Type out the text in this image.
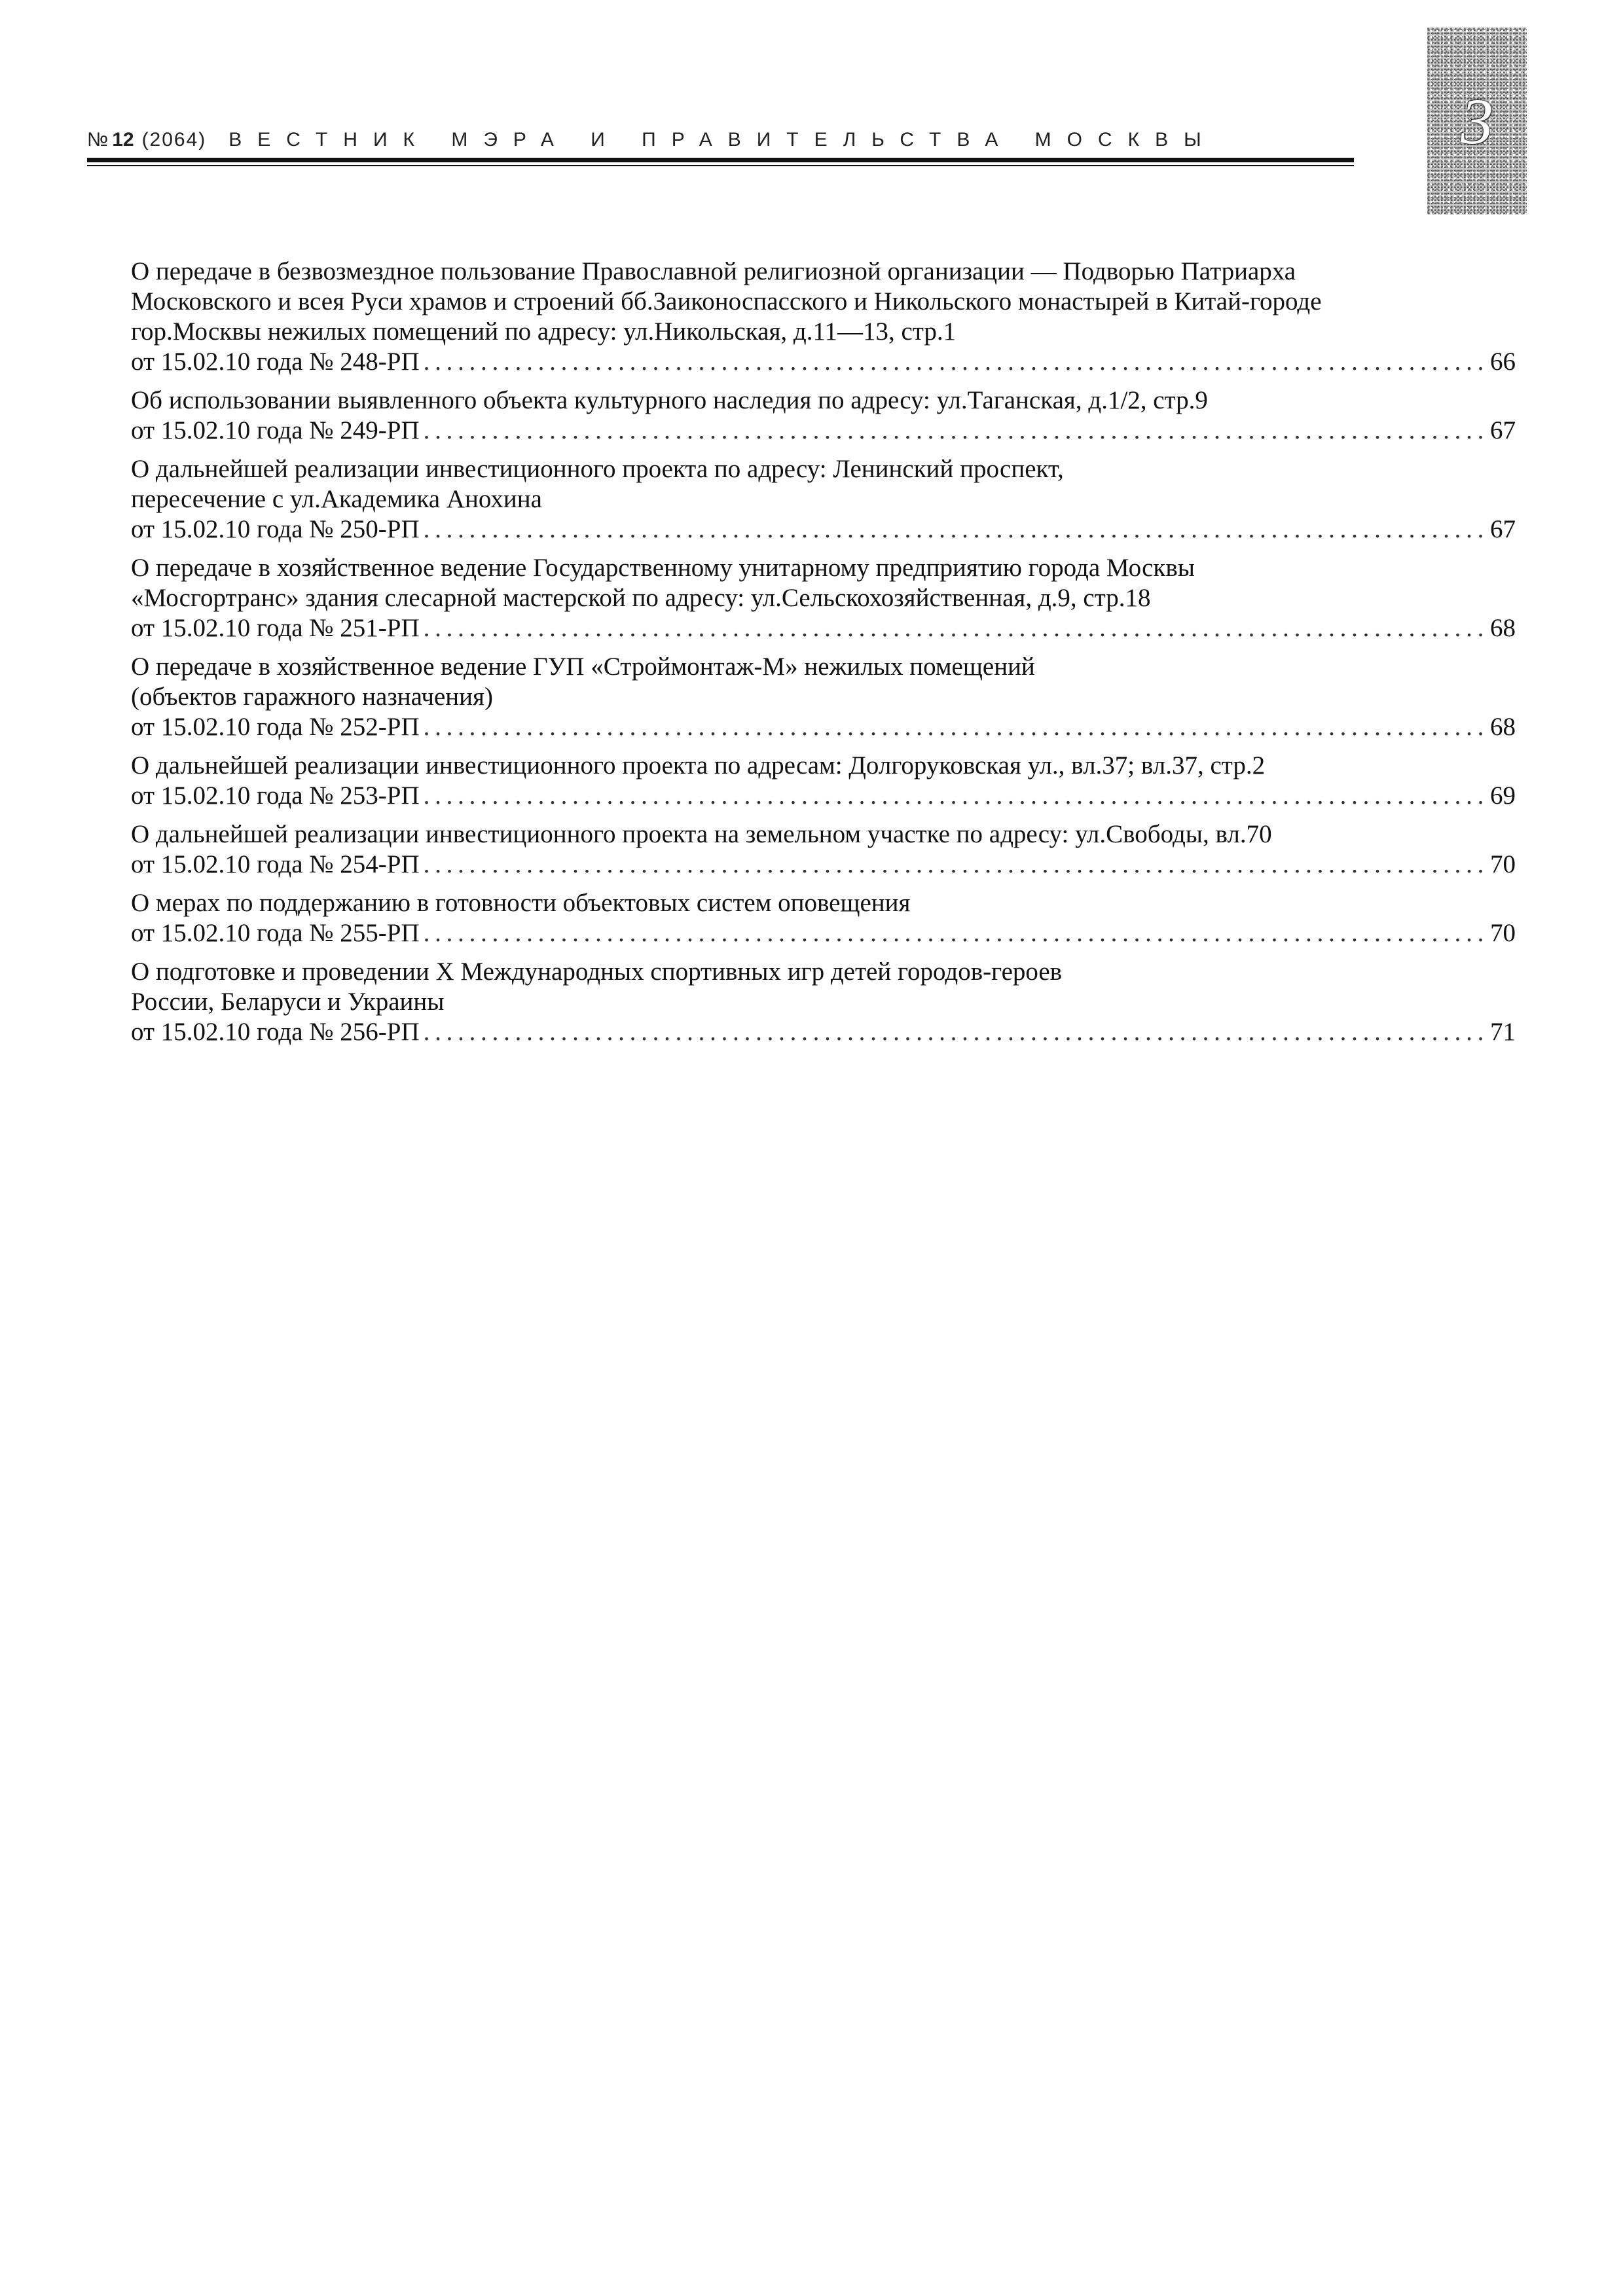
№ 12 (2064) ВЕСТНИК МЭРА И ПРАВИТЕЛЬСТВА МОСКВЫ	3
О передаче в безвозмездное пользование Православной религиозной организации — Подворью Патриарха
Московского и всея Руси храмов и строений бб.Заиконоспасского и Никольского монастырей в Китай-городе
гор.Москвы нежилых помещений по адресу: ул.Никольская, д.11—13, стр.1
от 15.02.10 года № 248-РП . . .	66
Об использовании выявленного объекта культурного наследия по адресу: ул.Таганская, д.1/2, стр.9
от 15.02.10 года № 249-РП . . .	67
О дальнейшей реализации инвестиционного проекта по адресу: Ленинский проспект,
пересечение с ул.Академика Анохина
от 15.02.10 года № 250-РП . . .	67
О передаче в хозяйственное ведение Государственному унитарному предприятию города Москвы
«Мосгортранс» здания слесарной мастерской по адресу: ул.Сельскохозяйственная, д.9, стр.18
от 15.02.10 года № 251-РП . . .	68
О передаче в хозяйственное ведение ГУП «Строймонтаж-М» нежилых помещений
(объектов гаражного назначения)
от 15.02.10 года № 252-РП . . .	68
О дальнейшей реализации инвестиционного проекта по адресам: Долгоруковская ул., вл.37; вл.37, стр.2
от 15.02.10 года № 253-РП . . .	69
О дальнейшей реализации инвестиционного проекта на земельном участке по адресу: ул.Свободы, вл.70
от 15.02.10 года № 254-РП . . .	70
О мерах по поддержанию в готовности объектовых систем оповещения
от 15.02.10 года № 255-РП . . .	70
О подготовке и проведении X Международных спортивных игр детей городов-героев
России, Беларуси и Украины
от 15.02.10 года № 256-РП . . .	71
